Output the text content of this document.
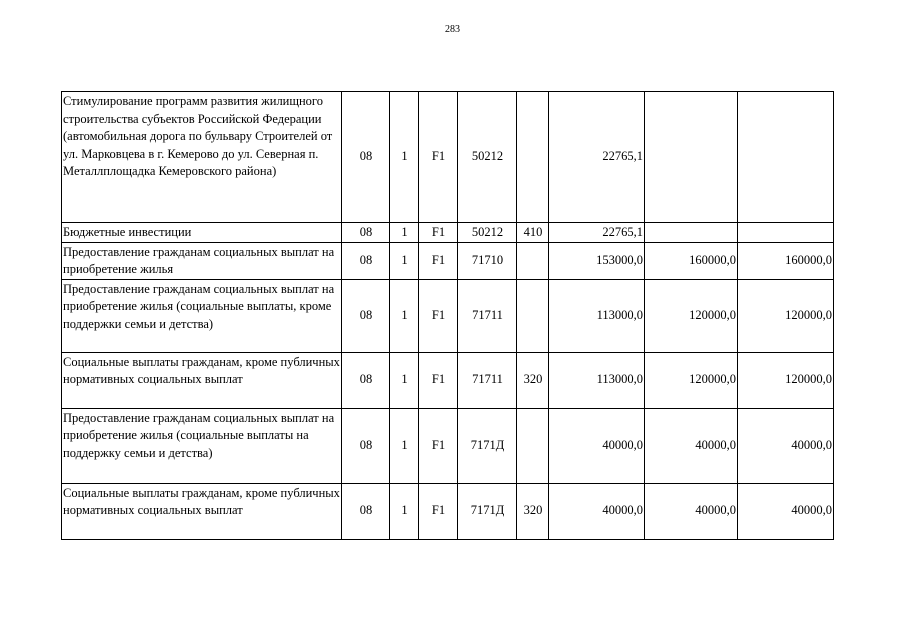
283
Стимулирование программ развития жилищного строительства субъектов Российской Федерации (автомобильная дорога по бульвару Строителей от ул. Марковцева в г. Кемерово до ул. Северная п. Металлплощадка Кемеровского района)	08	1	F1	50212		22765,1		
Бюджетные инвестиции	08	1	F1	50212	410	22765,1		
Предоставление гражданам социальных выплат на приобретение жилья	08	1	F1	71710		153000,0	160000,0	160000,0
Предоставление гражданам социальных выплат на приобретение жилья (социальные выплаты, кроме поддержки семьи и детства)	08	1	F1	71711		113000,0	120000,0	120000,0
Социальные выплаты гражданам, кроме публичных нормативных социальных выплат	08	1	F1	71711	320	113000,0	120000,0	120000,0
Предоставление гражданам социальных выплат на приобретение жилья (социальные выплаты на поддержку семьи и детства)	08	1	F1	7171Д		40000,0	40000,0	40000,0
Социальные выплаты гражданам, кроме публичных нормативных социальных выплат	08	1	F1	7171Д	320	40000,0	40000,0	40000,0
